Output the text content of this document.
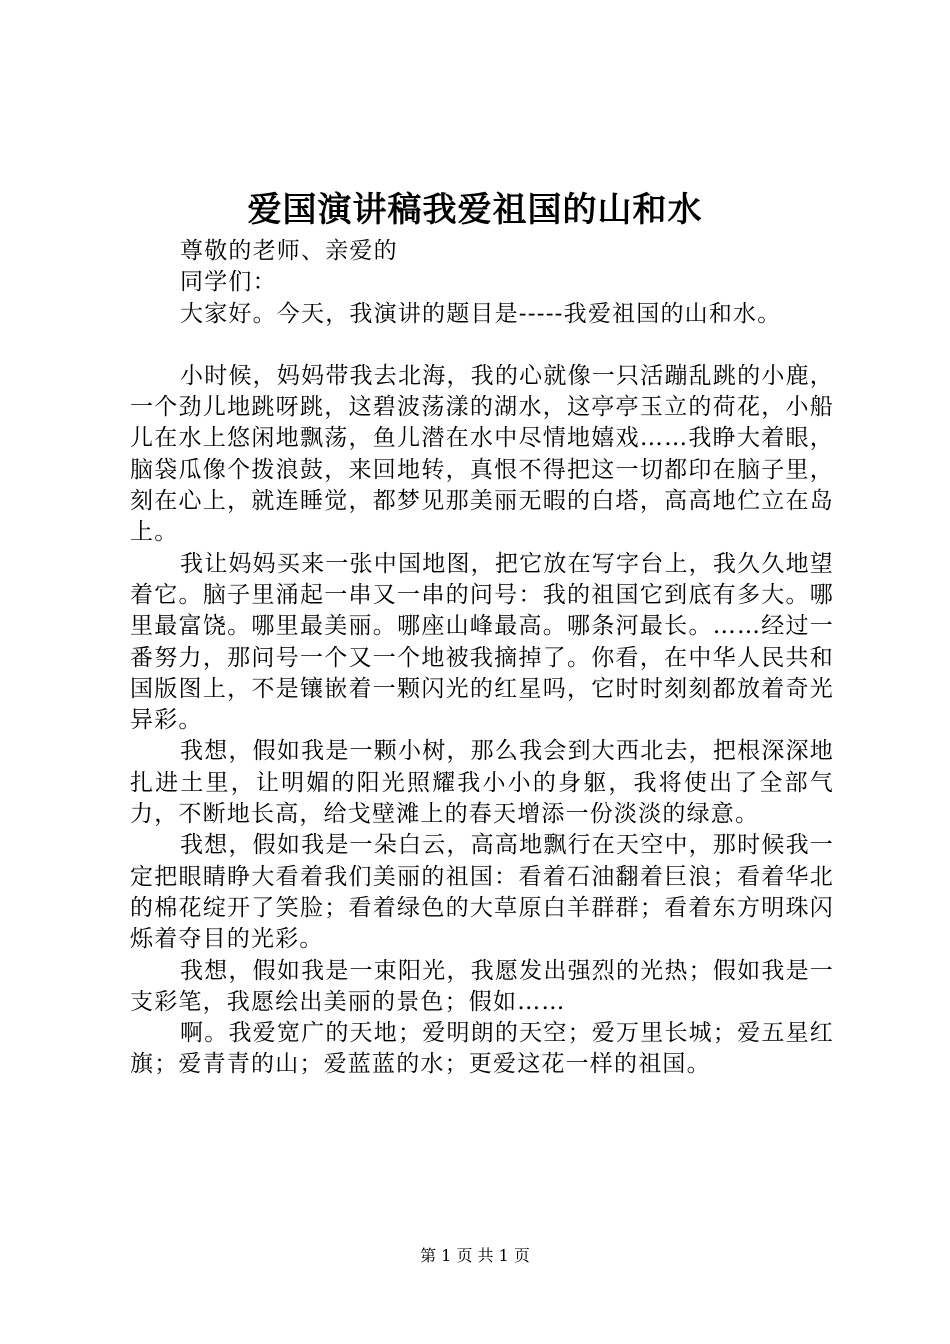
爱国演讲稿我爱祖国的山和水

尊敬的老师、亲爱的

同学们：

大家好。今天，我演讲的题目是-----我爱祖国的山和水。

小时候，妈妈带我去北海，我的心就像一只活蹦乱跳的小鹿，一个劲儿地跳呀跳，这碧波荡漾的湖水，这亭亭玉立的荷花，小船儿在水上悠闲地飘荡，鱼儿潜在水中尽情地嬉戏……我睁大着眼，脑袋瓜像个拨浪鼓，来回地转，真恨不得把这一切都印在脑子里，刻在心上，就连睡觉，都梦见那美丽无暇的白塔，高高地伫立在岛上。

我让妈妈买来一张中国地图，把它放在写字台上，我久久地望着它。脑子里涌起一串又一串的问号：我的祖国它到底有多大。哪里最富饶。哪里最美丽。哪座山峰最高。哪条河最长。……经过一番努力，那问号一个又一个地被我摘掉了。你看，在中华人民共和国版图上，不是镶嵌着一颗闪光的红星吗，它时时刻刻都放着奇光异彩。

我想，假如我是一颗小树，那么我会到大西北去，把根深深地扎进土里，让明媚的阳光照耀我小小的身躯，我将使出了全部气力，不断地长高，给戈壁滩上的春天增添一份淡淡的绿意。

我想，假如我是一朵白云，高高地飘行在天空中，那时候我一定把眼睛睁大看着我们美丽的祖国：看着石油翻着巨浪；看着华北的棉花绽开了笑脸；看着绿色的大草原白羊群群；看着东方明珠闪烁着夺目的光彩。

我想，假如我是一束阳光，我愿发出强烈的光热；假如我是一支彩笔，我愿绘出美丽的景色；假如……

啊。我爱宽广的天地；爱明朗的天空；爱万里长城；爱五星红旗；爱青青的山；爱蓝蓝的水；更爱这花一样的祖国。

第 1 页 共 1 页
